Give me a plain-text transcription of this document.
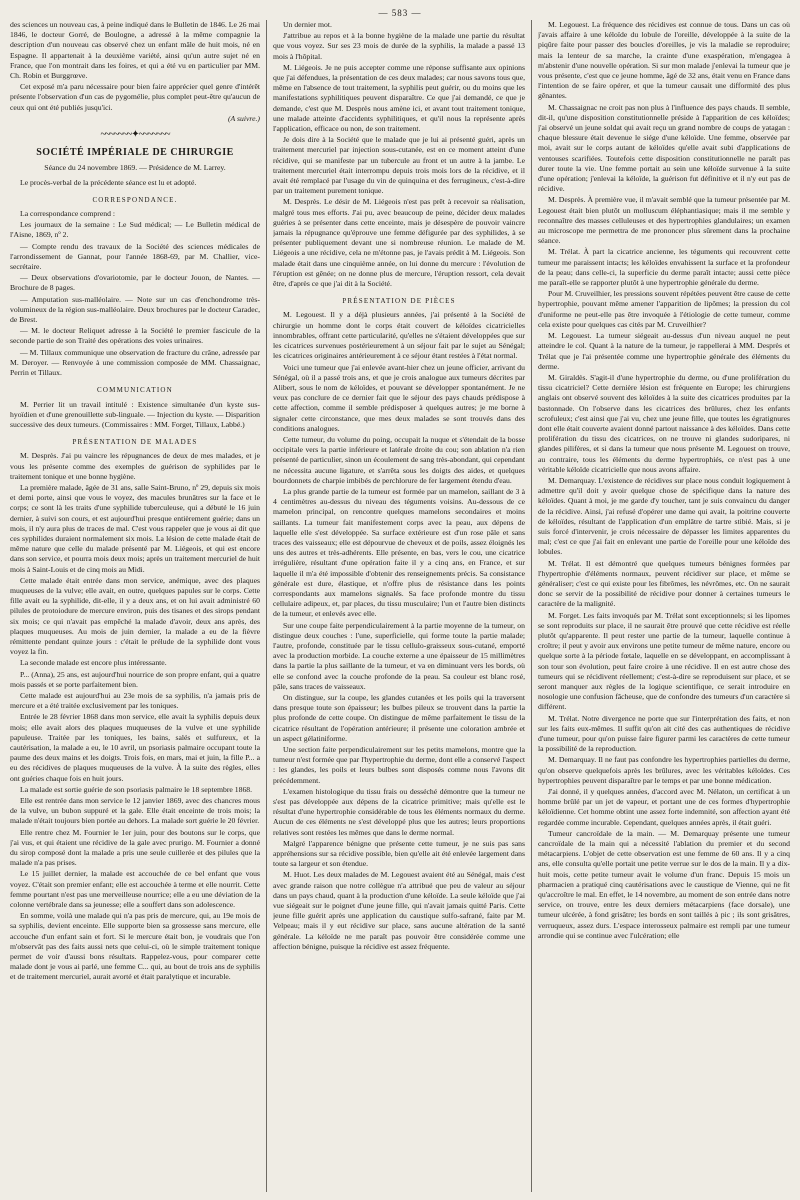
— 583 —

des sciences un nouveau cas, à peine indiqué dans le Bulletin de 1846. Le 26 mai 1846, le docteur Gorré, de Boulogne, a adressé à la même compagnie la description d'un nouveau cas observé chez un enfant mâle de huit mois, né en Espagne. Il appartenait à la deuxième variété, ainsi qu'un autre sujet né en France, que l'on montrait dans les foires, et qui a été vu en particulier par MM. Ch. Robin et Burggrœve.

Cet exposé m'a paru nécessaire pour bien faire apprécier quel genre d'intérêt présente l'observation d'un cas de pygomélie, plus complet peut-être qu'aucun de ceux qui ont été publiés jusqu'ici.

(A suivre.)
~~~~~~~✦~~~~~~~
SOCIÉTÉ IMPÉRIALE DE CHIRURGIE

Séance du 24 novembre 1869. — Présidence de M. Larrey.

Le procès-verbal de la précédente séance est lu et adopté.

CORRESPONDANCE.

La correspondance comprend :

Les journaux de la semaine : Le Sud médical; — Le Bulletin médical de l'Aisne, 1869, nº 2.

— Compte rendu des travaux de la Société des sciences médicales de l'arrondissement de Gannat, pour l'année 1868-69, par M. Challier, vice-secrétaire.

— Deux observations d'ovariotomie, par le docteur Jouon, de Nantes. — Brochure de 8 pages.

— Amputation sus-malléolaire. — Note sur un cas d'enchondrome très-volumineux de la région sus-malléolaire. Deux brochures par le docteur Caradec, de Brest.

— M. le docteur Reliquet adresse à la Société le premier fascicule de la seconde partie de son Traité des opérations des voies urinaires.

— M. Tillaux communique une observation de fracture du crâne, adressée par M. Deroyer. — Renvoyée à une commission composée de MM. Chassaignac, Perrin et Tillaux.

COMMUNICATION

M. Perrier lit un travail intitulé : Existence simultanée d'un kyste sus-hyoïdien et d'une grenouillette sub-linguale. — Injection du kyste. — Disparition successive des deux tumeurs. (Commissaires : MM. Forget, Tillaux, Labbé.)

PRÉSENTATION DE MALADES

M. Desprès. J'ai pu vaincre les répugnances de deux de mes malades, et je vous les présente comme des exemples de guérison de syphilides par le traitement tonique et une bonne hygiène.

La première malade, âgée de 31 ans, salle Saint-Bruno, nº 29, depuis six mois et demi porte, ainsi que vous le voyez, des macules brunâtres sur la face et le corps; ce sont là les traits d'une syphilide tuberculeuse, qui a débuté le 16 juin dernier, à suivi son cours, et est aujourd'hui presque entièrement guérie; dans un mois, il n'y aura plus de traces de mal. C'est vous rappeler que je vous ai dit que ces syphilides duraient normalement six mois. La lésion de cette malade était de même nature que celle du malade présenté par M. Liégeois, et qui est encore dans son service, et pourra mois deux mois; après un traitement mercuriel de huit mois à Saint-Louis et de cinq mois au Midi.

Cette malade était entrée dans mon service, anémique, avec des plaques muqueuses de la vulve; elle avait, en outre, quelques papules sur le corps. Cette fille avait eu la syphilide, dit-elle, il y a deux ans, et on lui avait administré 60 pilules de protoiodure de mercure environ, puis des tisanes et des sirops pendant six mois; ce qui n'avait pas empêché la malade d'avoir, deux ans après, des plaques muqueuses. Au mois de juin dernier, la malade a eu de la fièvre rémittente pendant quinze jours : c'était le prélude de la syphilide dont vous voyez la fin.

La seconde malade est encore plus intéressante.

P... (Anna), 25 ans, est aujourd'hui nourrice de son propre enfant, qui a quatre mois passés et se porte parfaitement bien.

Cette malade est aujourd'hui au 23e mois de sa syphilis, n'a jamais pris de mercure et a été traitée exclusivement par les toniques.

Entrée le 28 février 1868 dans mon service, elle avait la syphilis depuis deux mois; elle avait alors des plaques muqueuses de la vulve et une syphilide papuleuse. Traitée par les toniques, les bains, salés et sulfureux, et la cautérisation, la malade a eu, le 10 avril, un psoriasis palmaire occupant toute la paume des deux mains et les doigts. Trois fois, en mars, mai et juin, la fille P... a eu des récidives de plaques muqueuses de la vulve. À la suite des règles, elles ont guéries chaque fois en huit jours.

La malade est sortie guérie de son psoriasis palmaire le 18 septembre 1868.

Elle est rentrée dans mon service le 12 janvier 1869, avec des chancres mous de la vulve, un bubon suppuré et la gale. Elle était enceinte de trois mois; la malade n'était toujours bien portée au dehors. La malade sort guérie le 20 février.

Elle rentre chez M. Fournier le 1er juin, pour des boutons sur le corps, que j'ai vus, et qui étaient une récidive de la gale avec prurigo. M. Fournier a donné du sirop composé dont la malade a pris une seule cuillerée et des pilules que la malade n'a pas prises.

Le 15 juillet dernier, la malade est accouchée de ce bel enfant que vous voyez. C'était son premier enfant; elle est accouchée à terme et elle nourrit. Cette femme pourtant n'est pas une merveilleuse nourrice; elle a eu une déviation de la colonne vertébrale dans sa jeunesse; elle a souffert dans son adolescence.

En somme, voilà une malade qui n'a pas pris de mercure, qui, au 19e mois de sa syphilis, devient enceinte. Elle supporte bien sa grossesse sans mercure, elle accouche d'un enfant sain et fort. Si le mercure était bon, je voudrais que l'on m'observât pas des faits aussi nets que celui-ci, où le simple traitement tonique permet de voir d'aussi bons résultats. Rappelez-vous, pour comparer cette malade dont je vous ai parlé, une femme C... qui, au bout de trois ans de syphilis et de traitement mercuriel, aurait avorté et était paralytique et incurable.

Un dernier mot.

J'attribue au repos et à la bonne hygiène de la malade une partie du résultat que vous voyez. Sur ses 23 mois de durée de la syphilis, la malade a passé 13 mois à l'hôpital.

M. Liégeois. Je ne puis accepter comme une réponse suffisante aux opinions que j'ai défendues, la présentation de ces deux malades; car nous savons tous que, même en l'absence de tout traitement, la syphilis peut guérir, ou du moins que les manifestations syphilitiques peuvent disparaître. Ce que j'ai demandé, ce que je demande, c'est que M. Desprès nous amène ici, et avant tout traitement tonique, une malade atteinte d'accidents syphilitiques, et qu'il nous la représente après l'application, efficace ou non, de son traitement.

Je dois dire à la Société que le malade que je lui ai présenté guéri, après un traitement mercuriel par injection sous-cutanée, est en ce moment atteint d'une récidive, qui se manifeste par un tubercule au front et un autre à la jambe. Le traitement mercuriel était interrompu depuis trois mois lors de la récidive, et il avait été remplacé par l'usage du vin de quinquina et des ferrugineux, c'est-à-dire par un traitement purement tonique.

M. Desprès. Le désir de M. Liégeois n'est pas prêt à recevoir sa réalisation, malgré tous mes efforts. J'ai pu, avec beaucoup de peine, décider deux malades guéries à se présenter dans cette enceinte, mais je désespère de pouvoir vaincre jamais la répugnance qu'éprouve une femme défigurée par des syphilides, à se présenter publiquement devant une si nombreuse réunion. Le malade de M. Liégeois a une récidive, cela ne m'étonne pas, je l'avais prédit à M. Liégeois. Son malade était dans une cinquième année, on lui donne du mercure : l'évolution de l'éruption est gênée; on ne donne plus de mercure, l'éruption ressort, cela devait être, d'après ce que j'ai dit à la Société.

PRÉSENTATION DE PIÈCES

M. Legouest. Il y a déjà plusieurs années, j'ai présenté à la Société de chirurgie un homme dont le corps était couvert de kéloïdes cicatricielles innombrables, offrant cette particularité, qu'elles ne s'étaient développées que sur les cicatrices survenues postérieurement à un séjour fait par le sujet au Sénégal; les cicatrices originaires antérieurement à ce séjour étant restées à l'état normal.

Voici une tumeur que j'ai enlevée avant-hier chez un jeune officier, arrivant du Sénégal, où il a passé trois ans, et que je crois analogue aux tumeurs décrites par Alibert, sous le nom de kéloïdes, et pouvant se développer spontanément. Je ne veux pas conclure de ce dernier fait que le séjour des pays chauds prédispose à cette affection, comme il semble prédisposer à quelques autres; je me borne à signaler cette circonstance, que mes deux malades se sont trouvés dans des conditions analogues.

Cette tumeur, du volume du poing, occupait la nuque et s'étendait de la bosse occipitale vers la partie inférieure et latérale droite du cou; son ablation n'a rien présenté de particulier, sinon un écoulement de sang très-abondant, qui cependant ne nécessita aucune ligature, et s'arrêta sous les doigts des aides, et quelques bourdonnets de charpie imbibés de perchlorure de fer largement étendu d'eau.

La plus grande partie de la tumeur est formée par un mamelon, saillant de 3 à 4 centimètres au-dessus du niveau des téguments voisins. Au-dessous de ce mamelon principal, on rencontre quelques mamelons secondaires et moins saillants. La tumeur fait manifestement corps avec la peau, aux dépens de laquelle elle s'est développée. Sa surface extérieure est d'un rose pâle et sans traces des vaisseaux; elle est dépourvue de cheveux et de poils, assez éloignés les uns des autres et très-adhérents. Elle présente, en bas, vers le cou, une cicatrice irrégulière, résultant d'une opération faite il y a cinq ans, en France, et sur laquelle il m'a été impossible d'obtenir des renseignements précis. Sa consistance générale est dure, élastique, et n'offre plus de résistance dans les points correspondants aux mamelons signalés. Sa face profonde montre du tissu cellulaire adipeux, et, par places, du tissu musculaire; l'un et l'autre bien distincts de la tumeur, et enlevés avec elle.

Sur une coupe faite perpendiculairement à la partie moyenne de la tumeur, on distingue deux couches : l'une, superficielle, qui forme toute la partie malade; l'autre, profonde, constituée par le tissu cellulo-graisseux sous-cutané, emporté avec la production morbide. La couche externe a une épaisseur de 15 millimètres dans la partie la plus saillante de la tumeur, et va en diminuant vers les bords, où elle se confond avec la couche profonde de la peau. Sa couleur est blanc rosé, pâle, sans traces de vaisseaux.

On distingue, sur la coupe, les glandes cutanées et les poils qui la traversent dans presque toute son épaisseur; les bulbes pileux se trouvent dans la partie la plus profonde de cette coupe. On distingue de même parfaitement le tissu de la cicatrice résultant de l'opération antérieure; il présente une coloration ambrée et un aspect gélatiniforme.

Une section faite perpendiculairement sur les petits mamelons, montre que la tumeur n'est formée que par l'hypertrophie du derme, dont elle a conservé l'aspect : les glandes, les poils et leurs bulbes sont disposés comme nous l'avons dit précédemment.

L'examen histologique du tissu frais ou desséché démontre que la tumeur ne s'est pas développée aux dépens de la cicatrice primitive; mais qu'elle est le résultat d'une hypertrophie considérable de tous les éléments normaux du derme. Aucun de ces éléments ne s'est développé plus que les autres; leurs proportions relatives sont restées les mêmes que dans le derme normal.

Malgré l'apparence bénigne que présente cette tumeur, je ne suis pas sans appréhensions sur sa récidive possible, bien qu'elle ait été enlevée largement dans toute sa largeur et son étendue.

M. Huot. Les deux malades de M. Legouest avaient été au Sénégal, mais c'est avec grande raison que notre collègue n'a attribué que peu de valeur au séjour dans un pays chaud, quant à la production d'une kéloïde. La seule kéloïde que j'ai vue siégeait sur le poignet d'une jeune fille, qui n'avait jamais quitté Paris. Cette jeune fille guérit après une application du caustique sulfo-safrané, faite par M. Velpeau; mais il y eut récidive sur place, sans aucune altération de la santé générale. La kéloïde ne me paraît pas pouvoir être considérée comme une affection bénigne, puisque la récidive est assez fréquente.

M. Legouest. La fréquence des récidives est connue de tous. Dans un cas où j'avais affaire à une kéloïde du lobule de l'oreille, développée à la suite de la piqûre faite pour passer des boucles d'oreilles, je vis la maladie se reproduire; mais la lenteur de sa marche, la crainte d'une exaspération, m'engagea à m'abstenir d'une nouvelle opération. Si sur mon malade j'enlevai la tumeur que je vous présente, c'est que ce jeune homme, âgé de 32 ans, était venu en France dans l'intention de se faire opérer, et que la tumeur causait une difformité des plus gênantes.

M. Chassaignac ne croit pas non plus à l'influence des pays chauds. Il semble, dit-il, qu'une disposition constitutionnelle préside à l'apparition de ces kéloïdes; j'ai observé un jeune soldat qui avait reçu un grand nombre de coups de yatagan : chaque blessure était devenue le siége d'une kéloïde. Une femme, observée par moi, avait sur le corps autant de kéloïdes qu'elle avait subi d'applications de ventouses scarifiées. Toutefois cette disposition constitutionnelle ne paraît pas durer toute la vie. Une femme portait au sein une kéloïde survenue à la suite d'une opération; j'enlevai la kéloïde, la guérison fut définitive et il n'y eut pas de récidive.

M. Desprès. À première vue, il m'avait semblé que la tumeur présentée par M. Legouest était bien plutôt un molluscum éléphantiasique; mais il me semble y reconnaître des masses celluleuses et des hypertrophies glandulaires; un examen au microscope me permettra de me prononcer plus sûrement dans la prochaine séance.

M. Trélat. À part la cicatrice ancienne, les téguments qui recouvrent cette tumeur me paraissent intacts; les kéloïdes envahissent la surface et la profondeur de la peau; dans celle-ci, la superficie du derme paraît intacte; aussi cette pièce me paraît-elle se rapporter plutôt à une hypertrophie générale du derme.

Pour M. Cruveilhier, les pressions souvent répétées peuvent être cause de cette hypertrophie, pouvant même amener l'apparition de lipômes; la pression du col d'uniforme ne peut-elle pas être invoquée à l'étiologie de cette tumeur, comme cela existe pour quelques cas cités par M. Cruveilhier?

M. Legouest. La tumeur siégeait au-dessus d'un niveau auquel ne peut atteindre le col. Quant à la nature de la tumeur, je rappellerai à MM. Desprès et Trélat que je l'ai présentée comme une hypertrophie générale des éléments du derme.

M. Giraldès. S'agit-il d'une hypertrophie du derme, ou d'une prolifération du tissu cicatriciel? Cette dernière lésion est fréquente en Europe; les chirurgiens anglais ont observé souvent des kéloïdes à la suite des cicatrices produites par la bastonnade. On l'observe dans les cicatrices des brûlures, chez les enfants scrofuleux; c'est ainsi que j'ai vu, chez une jeune fille, que toutes les égratignures dont elle était couverte avaient donné partout naissance à des kéloïdes. Dans cette prolifération du tissu des cicatrices, on ne trouve ni glandes sudoripares, ni glandes pilifères, et si dans la tumeur que nous présente M. Legouest on trouve, au contraire, tous les éléments du derme hypertrophiés, ce n'est pas à une véritable kéloïde cicatricielle que nous avons affaire.

M. Demarquay. L'existence de récidives sur place nous conduit logiquement à admettre qu'il doit y avoir quelque chose de spécifique dans la nature des kéloïdes. Quant à moi, je me garde d'y toucher, tant je suis convaincu du danger de la récidive. Ainsi, j'ai refusé d'opérer une dame qui avait, la poitrine couverte de kéloïdes, résultant de l'application d'un emplâtre de tartre stibié. Mais, si je suis forcé d'intervenir, je crois nécessaire de dépasser les limites apparentes du mal; c'est ce que j'ai fait en enlevant une partie de l'oreille pour une kéloïde des lobules.

M. Trélat. Il est démontré que quelques tumeurs bénignes formées par l'hypertrophie d'éléments normaux, peuvent récidiver sur place, et même se généraliser; c'est ce qui existe pour les fibrômes, les névrômes, etc. On ne saurait donc se servir de la possibilité de récidive pour donner à certaines tumeurs le caractère de la malignité.

M. Forget. Les faits invoqués par M. Trélat sont exceptionnels; si les lipomes se sont reproduits sur place, il ne saurait être prouvé que cette récidive est réelle plutôt qu'apparente. Il peut rester une partie de la tumeur, laquelle continue à croître; il peut y avoir aux environs une petite tumeur de même nature, encore ou quelque sorte à la période fœtale, laquelle en se développant, en accomplissant à son tour son évolution, peut faire croire à une récidive. Il en est autre chose des tumeurs qui se récidivent réellement; c'est-à-dire se reproduisent sur place, et se seront manquer aux règles de la logique scientifique, ce serait introduire en nosologie une confusion fâcheuse, que de confondre des tumeurs d'un caractère si différent.

M. Trélat. Notre divergence ne porte que sur l'interprétation des faits, et non sur les faits eux-mêmes. Il suffit qu'on ait cité des cas authentiques de récidive d'une tumeur, pour qu'on puisse faire figurer parmi les caractères de cette tumeur la possibilité de la reproduction.

M. Demarquay. Il ne faut pas confondre les hypertrophies partielles du derme, qu'on observe quelquefois après les brûlures, avec les véritables kéloïdes. Ces hypertrophies peuvent disparaître par le temps et par une bonne médication.

J'ai donné, il y quelques années, d'accord avec M. Nélaton, un certificat à un homme brûlé par un jet de vapeur, et portant une de ces formes d'hypertrophie kéloïdienne. Cet homme obtint une assez forte indemnité, son affection ayant été regardée comme incurable. Cependant, quelques années après, il était guéri.

Tumeur cancroïdale de la main. — M. Demarquay présente une tumeur cancroïdale de la main qui a nécessité l'ablation du premier et du second métacarpiens. L'objet de cette observation est une femme de 60 ans. Il y a cinq ans, elle consulta qu'elle portait une petite verrue sur le dos de la main. Il y a dix-huit mois, cette petite tumeur avait le volume d'un franc. Depuis 15 mois un pharmacien a pratiqué cinq cautérisations avec le caustique de Vienne, qui ne fit qu'accroître le mal. En effet, le 14 novembre, au moment de son entrée dans notre service, on trouve, entre les deux derniers métacarpiens (face dorsale), une tumeur ulcérée, à fond grisâtre; les bords en sont taillés à pic ; ils sont grisâtres, verruqueux, assez durs. L'espace interosseux palmaire est rempli par une tumeur arrondie qui se continue avec l'ulcération; elle
